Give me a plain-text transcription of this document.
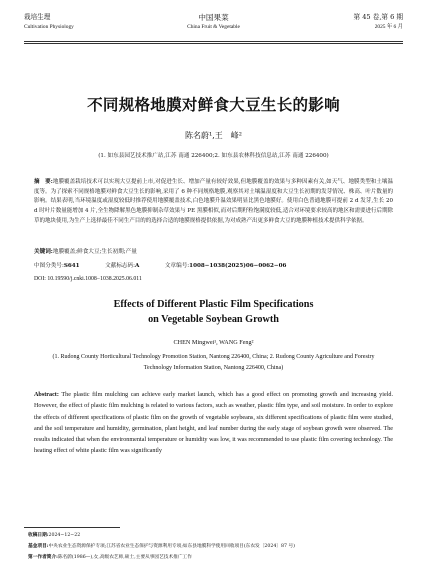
栽培生理
Cultivation Physiology
中国果菜
China Fruit & Vegetable
第 45 卷,第 6 期
2025 年 6 月
不同规格地膜对鲜食大豆生长的影响
陈名蔚¹,王　峰²
(1. 如东县园艺技术推广站,江苏 南通 226400;2. 如东县农林科技信息站,江苏 南通 226400)
摘　要:地膜覆盖栽培技术可以实现大豆提前上市,对促进生长、增加产量有较好效果,但地膜覆盖的效果与多种因素有关,如天气、地膜类型和土壤温度等。为了探索不同规格地膜对鲜食大豆生长的影响,采用了 6 种不同规格地膜,观察其对土壤温湿度和大豆生长初期的发芽情况、株高、叶片数量的影响。结果表明,当环境温度或湿度较低时推荐使用地膜覆盖技术,白色地膜升温效果明显比黑色地膜好。使用白色普通地膜可提前 2 d 发芽,生长 20 d 时叶片数量能增加 4 片,全生物降解黑色地膜抑制杂草效果与 PE 黑膜相似,而对后期籽粒饱满度较低,适合对环境要求较高的地区和需要进行后期除草的地块使用,为生产上选择最佳不同生产目的的选择合适的地膜规格提供依据,为对成熟产出更多鲜食大豆的地膜种植技术提供科学依据。
关键词:地膜覆盖;鲜食大豆;生长初期;产量
中图分类号:S641	文献标志码:A	文章编号:1008−1038(2025)06−0062−06
DOI: 10.19590/j.cnki.1008−1038.2025.06.011
Effects of Different Plastic Film Specifications
on Vegetable Soybean Growth
CHEN Mingwei¹, WANG Feng²
(1. Rudong County Horticultural Technology Promotion Station, Nantong 226400, China; 2. Rudong County Agriculture and Forestry Technology Information Station, Nantong 226400, China)
Abstract: The plastic film mulching can achieve early market launch, which has a good effect on promoting growth and increasing yield. However, the effect of plastic film mulching is related to various factors, such as weather, plastic film type, and soil moisture. In order to explore the effects of different specifications of plastic film on the growth of vegetable soybeans, six different specifications of plastic film were studied, and the soil temperature and humidity, germination, plant height, and leaf number during the early stage of soybean growth were observed. The results indicated that when the environmental temperature or humidity was low, it was recommended to use plastic film covering technology. The heating effect of white plastic film was significantly
收稿日期:2024−12−22
基金项目:中央农业生态资源保护专项;江苏省农业生态保护与资源利用专项;如东县地膜科学使用回收项目(东农发〔2024〕87 号)
第一作者简介:陈名蔚(1986—),女,高级农艺师,硕士,主要从事园艺技术推广工作
